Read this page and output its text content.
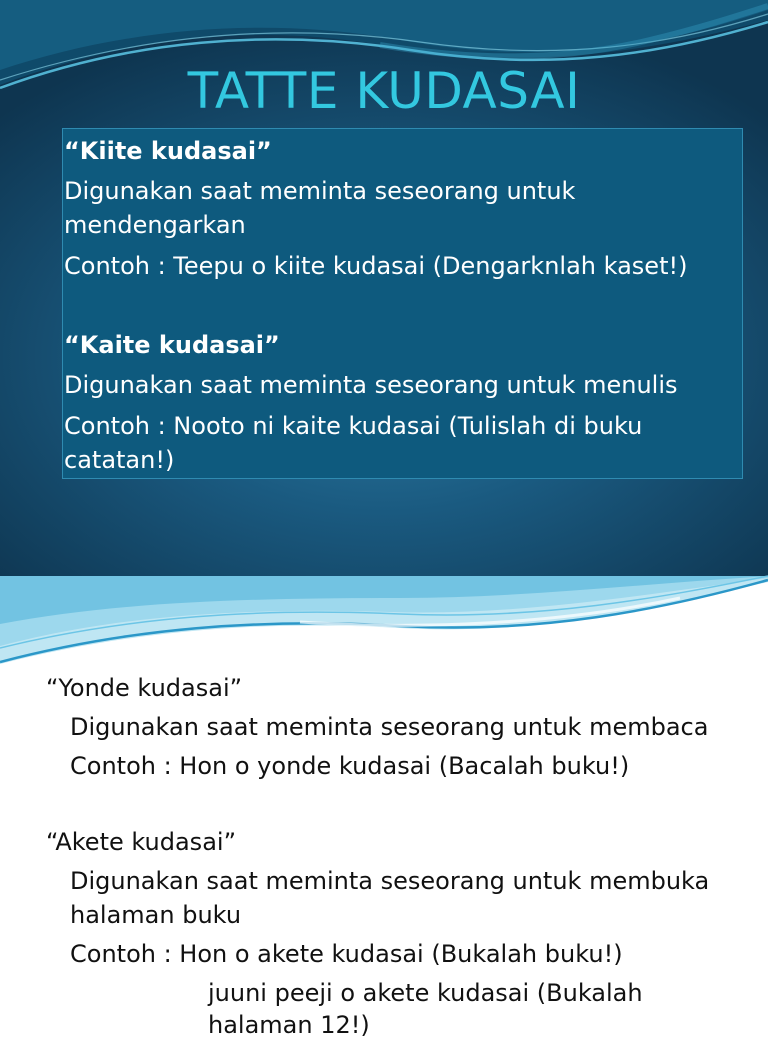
TATTE KUDASAI
“Kiite kudasai”
Digunakan saat meminta seseorang untuk
mendengarkan
Contoh : Teepu o kiite kudasai (Dengarknlah kaset!)
“Kaite kudasai”
Digunakan saat meminta seseorang untuk menulis
Contoh : Nooto ni kaite kudasai (Tulislah di buku
catatan!)
“Yonde kudasai”
Digunakan saat meminta seseorang untuk membaca
Contoh : Hon o yonde kudasai (Bacalah buku!)
“Akete kudasai”
Digunakan saat meminta seseorang untuk membuka
halaman buku
Contoh : Hon o akete kudasai (Bukalah buku!)
juuni peeji o akete kudasai (Bukalah
halaman 12!)
